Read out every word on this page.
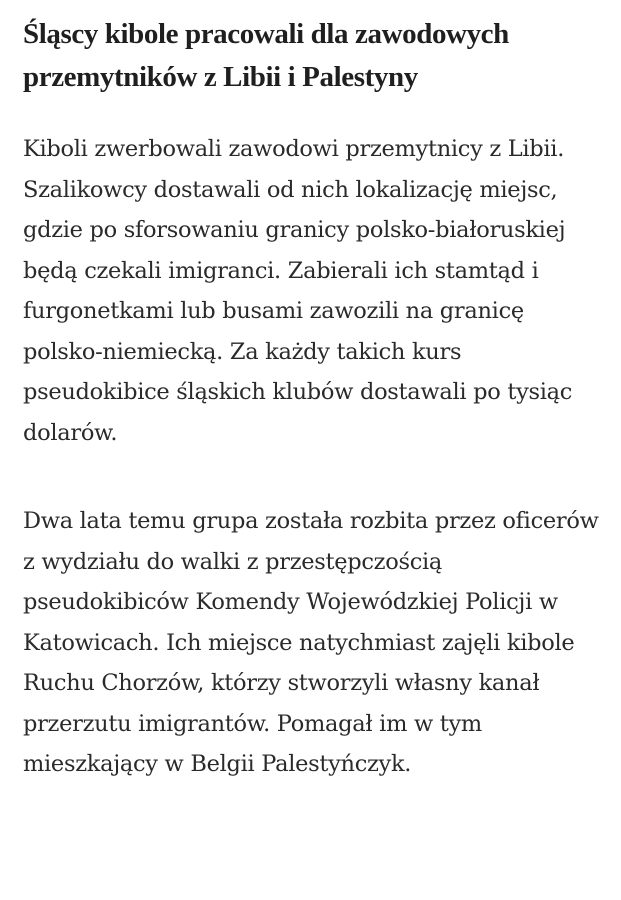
Śląscy kibole pracowali dla zawodowych przemytników z Libii i Palestyny

Kiboli zwerbowali zawodowi przemytnicy z Libii. Szalikowcy dostawali od nich lokalizację miejsc, gdzie po sforsowaniu granicy polsko-białoruskiej będą czekali imigranci. Zabierali ich stamtąd i furgonetkami lub busami zawozili na granicę polsko-niemiecką. Za każdy takich kurs pseudokibice śląskich klubów dostawali po tysiąc dolarów.

Dwa lata temu grupa została rozbita przez oficerów z wydziału do walki z przestępczością pseudokibiców Komendy Wojewódzkiej Policji w Katowicach. Ich miejsce natychmiast zajęli kibole Ruchu Chorzów, którzy stworzyli własny kanał przerzutu imigrantów. Pomagał im w tym mieszkający w Belgii Palestyńczyk.
